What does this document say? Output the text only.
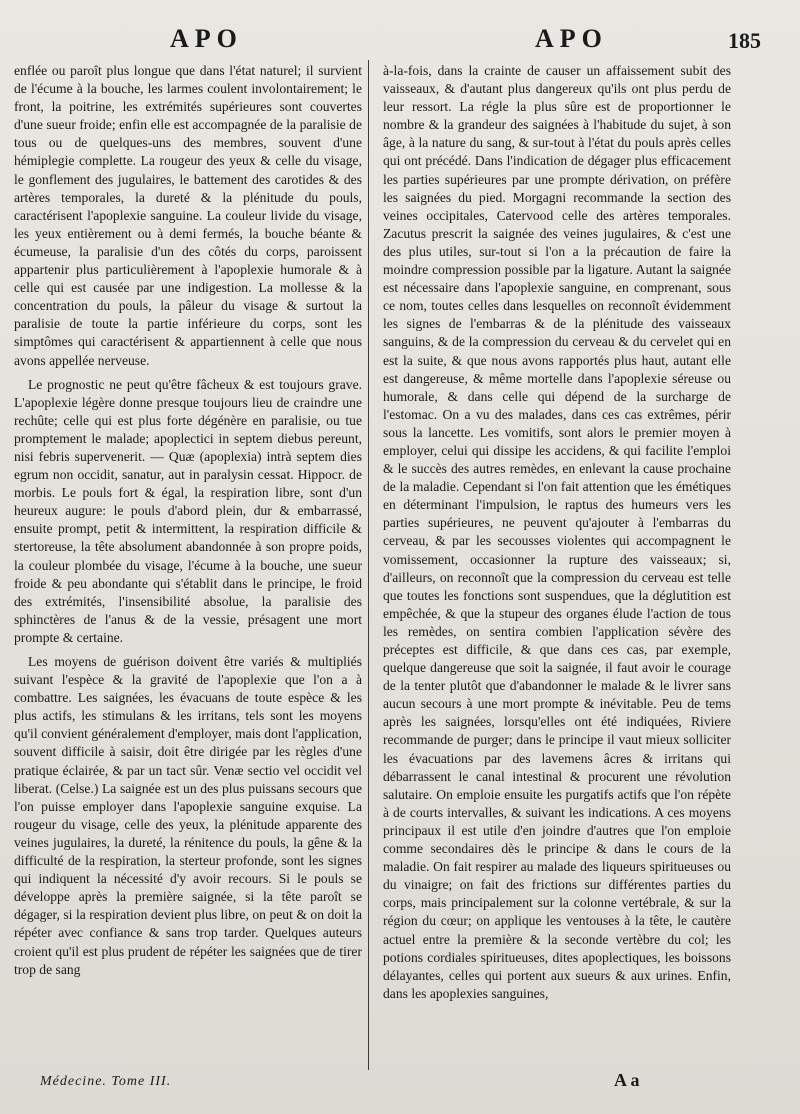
APO	APO	185

enflée ou paroît plus longue que dans l'état naturel; il survient de l'écume à la bouche, les larmes coulent involontairement; le front, la poitrine, les extrémités supérieures sont couvertes d'une sueur froide; enfin elle est accompagnée de la paralisie de tous ou de quelques-uns des membres, souvent d'une hémiplegie complette. La rougeur des yeux & celle du visage, le gonflement des jugulaires, le battement des carotides & des artères temporales, la dureté & la plénitude du pouls, caractérisent l'apoplexie sanguine. La couleur livide du visage, les yeux entièrement ou à demi fermés, la bouche béante & écumeuse, la paralisie d'un des côtés du corps, paroissent appartenir plus particulièrement à l'apoplexie humorale & à celle qui est causée par une indigestion. La mollesse & la concentration du pouls, la pâleur du visage & surtout la paralisie de toute la partie inférieure du corps, sont les simptômes qui caractérisent & appartiennent à celle que nous avons appellée nerveuse.

Le prognostic ne peut qu'être fâcheux & est toujours grave. L'apoplexie légère donne presque toujours lieu de craindre une rechûte; celle qui est plus forte dégénère en paralisie, ou tue promptement le malade; apoplectici in septem diebus pereunt, nisi febris supervenerit. — Quæ (apoplexia) intrà septem dies egrum non occidit, sanatur, aut in paralysin cessat. Hippocr. de morbis. Le pouls fort & égal, la respiration libre, sont d'un heureux augure: le pouls d'abord plein, dur & embarrassé, ensuite prompt, petit & intermittent, la respiration difficile & stertoreuse, la tête absolument abandonnée à son propre poids, la couleur plombée du visage, l'écume à la bouche, une sueur froide & peu abondante qui s'établit dans le principe, le froid des extrémités, l'insensibilité absolue, la paralisie des sphinctères de l'anus & de la vessie, présagent une mort prompte & certaine.

Les moyens de guérison doivent être variés & multipliés suivant l'espèce & la gravité de l'apoplexie que l'on a à combattre. Les saignées, les évacuans de toute espèce & les plus actifs, les stimulans & les irritans, tels sont les moyens qu'il convient généralement d'employer, mais dont l'application, souvent difficile à saisir, doit être dirigée par les règles d'une pratique éclairée, & par un tact sûr. Venæ sectio vel occidit vel liberat. (Celse.) La saignée est un des plus puissans secours que l'on puisse employer dans l'apoplexie sanguine exquise. La rougeur du visage, celle des yeux, la plénitude apparente des veines jugulaires, la dureté, la rénitence du pouls, la gêne & la difficulté de la respiration, la sterteur profonde, sont les signes qui indiquent la nécessité d'y avoir recours. Si le pouls se développe après la première saignée, si la tête paroît se dégager, si la respiration devient plus libre, on peut & on doit la répéter avec confiance & sans trop tarder. Quelques auteurs croient qu'il est plus prudent de répéter les saignées que de tirer trop de sang

à-la-fois, dans la crainte de causer un affaissement subit des vaisseaux, & d'autant plus dangereux qu'ils ont plus perdu de leur ressort. La régle la plus sûre est de proportionner le nombre & la grandeur des saignées à l'habitude du sujet, à son âge, à la nature du sang, & sur-tout à l'état du pouls après celles qui ont précédé. Dans l'indication de dégager plus efficacement les parties supérieures par une prompte dérivation, on préfère les saignées du pied. Morgagni recommande la section des veines occipitales, Catervood celle des artères temporales. Zacutus prescrit la saignée des veines jugulaires, & c'est une des plus utiles, sur-tout si l'on a la précaution de faire la moindre compression possible par la ligature. Autant la saignée est nécessaire dans l'apoplexie sanguine, en comprenant, sous ce nom, toutes celles dans lesquelles on reconnoît évidemment les signes de l'embarras & de la plénitude des vaisseaux sanguins, & de la compression du cerveau & du cervelet qui en est la suite, & que nous avons rapportés plus haut, autant elle est dangereuse, & même mortelle dans l'apoplexie séreuse ou humorale, & dans celle qui dépend de la surcharge de l'estomac. On a vu des malades, dans ces cas extrêmes, périr sous la lancette. Les vomitifs, sont alors le premier moyen à employer, celui qui dissipe les accidens, & qui facilite l'emploi & le succès des autres remèdes, en enlevant la cause prochaine de la maladie. Cependant si l'on fait attention que les émétiques en déterminant l'impulsion, le raptus des humeurs vers les parties supérieures, ne peuvent qu'ajouter à l'embarras du cerveau, & par les secousses violentes qui accompagnent le vomissement, occasionner la rupture des vaisseaux; si, d'ailleurs, on reconnoît que la compression du cerveau est telle que toutes les fonctions sont suspendues, que la déglutition est empêchée, & que la stupeur des organes élude l'action de tous les remèdes, on sentira combien l'application sévère des préceptes est difficile, & que dans ces cas, par exemple, quelque dangereuse que soit la saignée, il faut avoir le courage de la tenter plutôt que d'abandonner le malade & le livrer sans aucun secours à une mort prompte & inévitable. Peu de tems après les saignées, lorsqu'elles ont été indiquées, Riviere recommande de purger; dans le principe il vaut mieux solliciter les évacuations par des lavemens âcres & irritans qui débarrassent le canal intestinal & procurent une révolution salutaire. On emploie ensuite les purgatifs actifs que l'on répète à de courts intervalles, & suivant les indications. A ces moyens principaux il est utile d'en joindre d'autres que l'on emploie comme secondaires dès le principe & dans le cours de la maladie. On fait respirer au malade des liqueurs spiritueuses ou du vinaigre; on fait des frictions sur différentes parties du corps, mais principalement sur la colonne vertébrale, & sur la région du cœur; on applique les ventouses à la tête, le cautère actuel entre la première & la seconde vertèbre du col; les potions cordiales spiritueuses, dites apoplectiques, les boissons délayantes, celles qui portent aux sueurs & aux urines. Enfin, dans les apoplexies sanguines,

Médecine. Tome III.	A a
